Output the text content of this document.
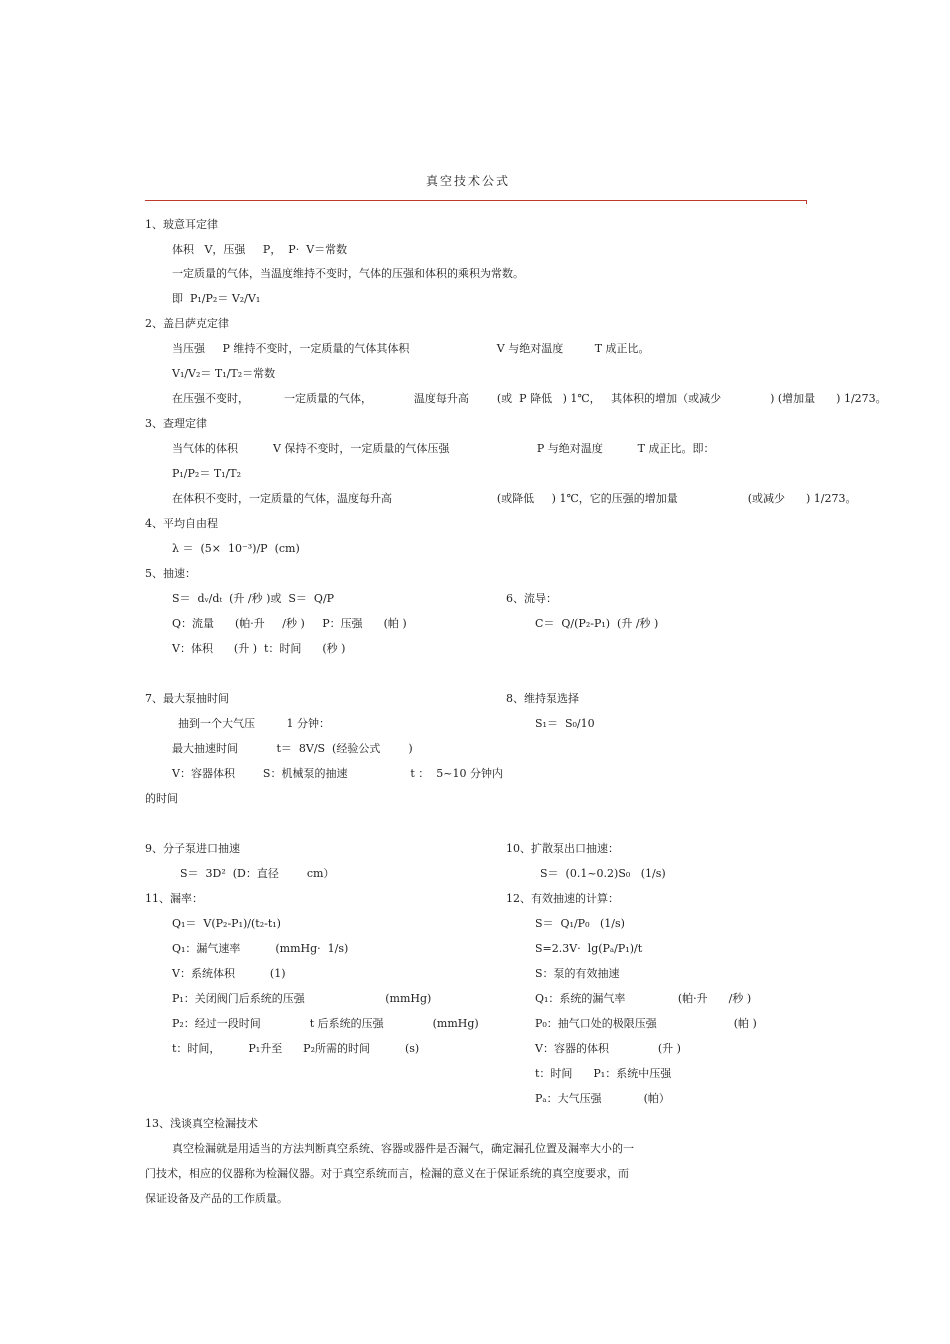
真空技术公式
1、玻意耳定律
体积   V，压强     P，  P·  V＝常数
一定质量的气体，当温度维持不变时，气体的压强和体积的乘积为常数。
即  P₁/P₂＝ V₂/V₁
2、盖吕萨克定律
当压强     P 维持不变时，一定质量的气体其体积                         V 与绝对温度         T 成正比。
V₁/V₂＝ T₁/T₂＝常数
在压强不变时，          一定质量的气体，            温度每升高        (或  P 降低   ) 1℃，   其体积的增加（或减少              ) (增加量      ) 1/273。
3、查理定律
当气体的体积          V 保持不变时，一定质量的气体压强                         P 与绝对温度          T 成正比。即：
P₁/P₂＝ T₁/T₂
在体积不变时，一定质量的气体，温度每升高                              (或降低     ) 1℃，它的压强的增加量                    (或减少      ) 1/273。
4、平均自由程
λ ＝  (5×  10⁻³)/P  (cm)
5、抽速：
S＝  dᵥ/dₜ  (升 /秒 )或  S＝  Q/P	6、流导：
Q：流量      (帕·升     /秒 )     P：压强      (帕 )	C＝  Q/(P₂-P₁)  (升 /秒 )
V：体积      (升 )  t：时间      (秒 )
7、最大泵抽时间	8、维持泵选择
抽到一个大气压         1 分钟：	S₁＝  S₀/10
最大抽速时间           t＝  8V/S  (经验公式        )
V：容器体积        S：机械泵的抽速                  t ：  5~10 分钟内
的时间
9、分子泵进口抽速	10、扩散泵出口抽速：
S＝  3D²  (D：直径        cm）	S＝  (0.1~0.2)S₀   (1/s)
11、漏率：	12、有效抽速的计算：
Q₁＝  V(P₂-P₁)/(t₂-t₁)	S＝  Q₁/P₀   (1/s)
Q₁：漏气速率          (mmHg·  1/s)	S=2.3V·  lg(Pₐ/P₁)/t
V：系统体积          (1)	S：泵的有效抽速
P₁：关闭阀门后系统的压强                       (mmHg)	Q₁：系统的漏气率               (帕·升      /秒 )
P₂：经过一段时间              t 后系统的压强              (mmHg)	P₀：抽气口处的极限压强                      (帕 )
t：时间，        P₁升至      P₂所需的时间          (s)	V：容器的体积              (升 )
t：时间      P₁：系统中压强
Pₐ：大气压强            (帕）
13、浅谈真空检漏技术
真空检漏就是用适当的方法判断真空系统、容器或器件是否漏气，确定漏孔位置及漏率大小的一
门技术，相应的仪器称为检漏仪器。对于真空系统而言，检漏的意义在于保证系统的真空度要求，而
保证设备及产品的工作质量。
